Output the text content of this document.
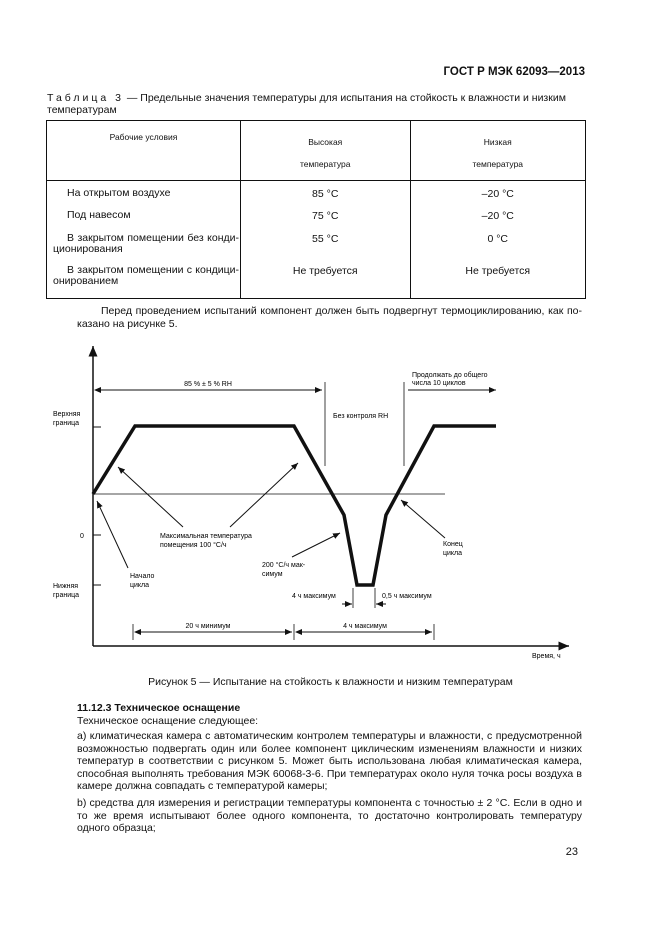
ГОСТ Р МЭК 62093—2013
Таблица 3 — Предельные значения температуры для испытания на стойкость к влажности и низким температурам
Рабочие условия	Высокая температура	Низкая температура

На открытом воздухе	85 °C	–20 °C

Под навесом	75 °C	–20 °C

В закрытом помещении без кондиционирования	55 °C	0 °C

В закрытом помещении с кондиционированием	Не требуется	Не требуется
Перед проведением испытаний компонент должен быть подвергнут термоциклированию, как показано на рисунке 5.
85 % ± 5 % RH
Без контроля RH
Продолжать до общего
числа 10 циклов
Верхняя
граница
0
Нижняя
граница
Максимальная температура
помещения 100 °C/ч
200 °C/ч мак-
симум
Начало
цикла
Конец
цикла
4 ч максимум	0,5 ч максимум
20 ч минимум	4 ч максимум
Время, ч
Рисунок 5 — Испытание на стойкость к влажности и низким температурам
11.12.3 Техническое оснащение
Техническое оснащение следующее:
а) климатическая камера с автоматическим контролем температуры и влажности, с предусмотренной возможностью подвергать один или более компонент циклическим изменениям влажности и низких температур в соответствии с рисунком 5. Может быть использована любая климатическая камера, способная выполнять требования МЭК 60068-3-6. При температурах около нуля точка росы воздуха в камере должна совпадать с температурой камеры;
b) средства для измерения и регистрации температуры компонента с точностью ± 2 °C. Если в одно и то же время испытывают более одного компонента, то достаточно контролировать температуру одного образца;
23
